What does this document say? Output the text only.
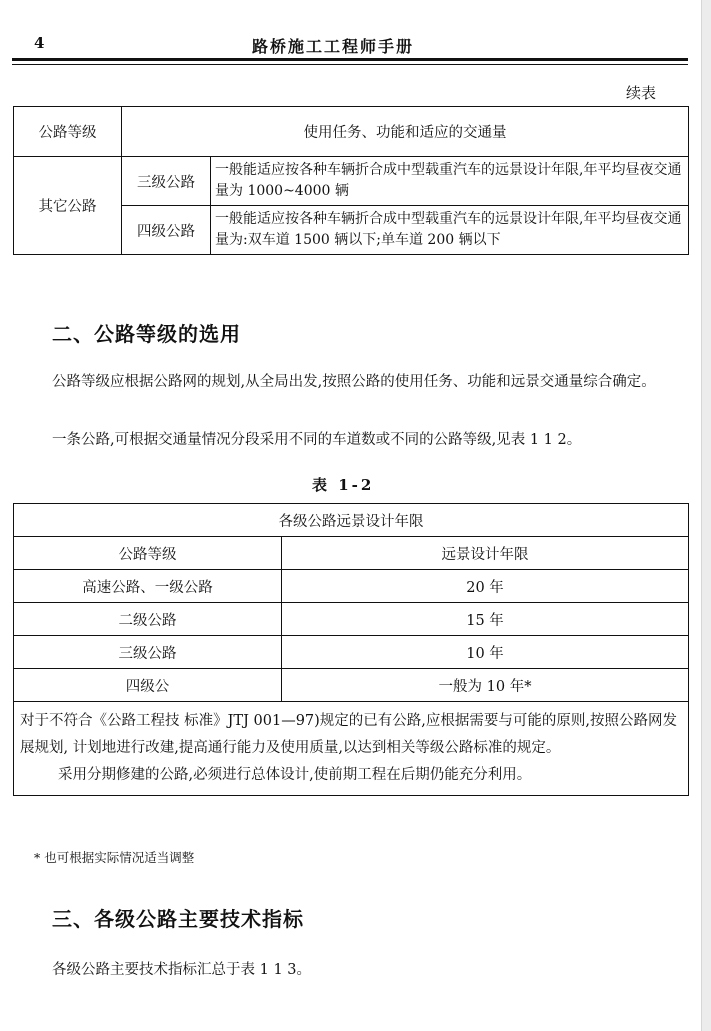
4	路桥施工工程师手册
续表
公路等级	使用任务、功能和适应的交通量	
其它公路	三级公路	一般能适应按各种车辆折合成中型载重汽车的远景设计年限,年平均昼夜交通量为 1000~4000 辆
	四级公路	一般能适应按各种车辆折合成中型载重汽车的远景设计年限,年平均昼夜交通量为:双车道 1500 辆以下;单车道 200 辆以下
二、公路等级的选用
公路等级应根据公路网的规划,从全局出发,按照公路的使用任务、功能和远景交通量综合确定。
一条公路,可根据交通量情况分段采用不同的车道数或不同的公路等级,见表 1 1 2。
表 1-2
各级公路远景设计年限	
公路等级	远景设计年限
高速公路、一级公路	20 年
二级公路	15 年
三级公路	10 年
四级公	一般为 10 年*

对于不符合《公路工程技 标准》JTJ 001—97)规定的已有公路,应根据需要与可能的原则,按照公路网发展规划, 计划地进行改建,提高通行能力及使用质量,以达到相关等级公路标准的规定。
采用分期修建的公路,必须进行总体设计,使前期工程在后期仍能充分利用。	
* 也可根据实际情况适当调整
三、各级公路主要技术指标
各级公路主要技术指标汇总于表 1 1 3。
